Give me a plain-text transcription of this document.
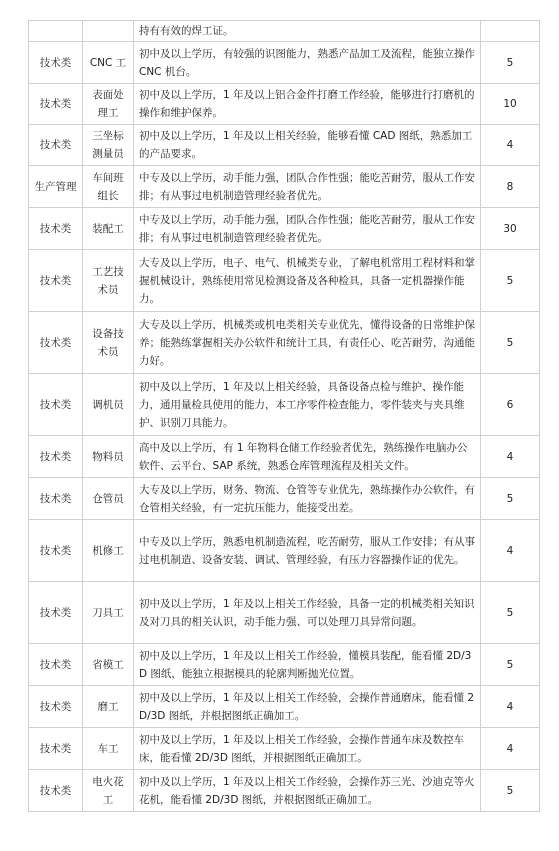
		持有有效的焊工证。	
技术类	CNC 工	初中及以上学历，有较强的识图能力，熟悉产品加工及流程，能独立操作 CNC 机台。	5
技术类	表面处理工	初中及以上学历，1 年及以上铝合金件打磨工作经验，能够进行打磨机的操作和维护保养。	10
技术类	三坐标测量员	初中及以上学历，1 年及以上相关经验，能够看懂 CAD 图纸，熟悉加工的产品要求。	4
生产管理	车间班组长	中专及以上学历，动手能力强，团队合作性强；能吃苦耐劳，服从工作安排；有从事过电机制造管理经验者优先。	8
技术类	装配工	中专及以上学历，动手能力强，团队合作性强；能吃苦耐劳，服从工作安排；有从事过电机制造管理经验者优先。	30
技术类	工艺技术员	大专及以上学历，电子、电气、机械类专业，了解电机常用工程材料和掌握机械设计，熟练使用常见检测设备及各种检具，具备一定机器操作能力。	5
技术类	设备技术员	大专及以上学历，机械类或机电类相关专业优先，懂得设备的日常维护保养；能熟练掌握相关办公软件和统计工具，有责任心、吃苦耐劳，沟通能力好。	5
技术类	调机员	初中及以上学历，1 年及以上相关经验，具备设备点检与维护、操作能力，通用量检具使用的能力，本工序零件检查能力，零件装夹与夹具维护、识别刀具能力。	6
技术类	物料员	高中及以上学历，有 1 年物料仓储工作经验者优先，熟练操作电脑办公软件、云平台、SAP 系统，熟悉仓库管理流程及相关文件。	4
技术类	仓管员	大专及以上学历，财务、物流、仓管等专业优先，熟练操作办公软件，有仓管相关经验，有一定抗压能力，能接受出差。	5
技术类	机修工	中专及以上学历，熟悉电机制造流程，吃苦耐劳，服从工作安排；有从事过电机制造、设备安装、调试、管理经验，有压力容器操作证的优先。	4
技术类	刀具工	初中及以上学历，1 年及以上相关工作经验，具备一定的机械类相关知识及对刀具的相关认识，动手能力强、可以处理刀具异常问题。	5
技术类	省模工	初中及以上学历，1 年及以上相关工作经验，懂模具装配，能看懂 2D/3D 图纸，能独立根据模具的轮廓判断抛光位置。	5
技术类	磨工	初中及以上学历，1 年及以上相关工作经验，会操作普通磨床，能看懂 2D/3D 图纸，并根据图纸正确加工。	4
技术类	车工	初中及以上学历，1 年及以上相关工作经验，会操作普通车床及数控车床，能看懂 2D/3D 图纸，并根据图纸正确加工。	4
技术类	电火花工	初中及以上学历，1 年及以上相关工作经验，会操作苏三光、沙迪克等火花机，能看懂 2D/3D 图纸，并根据图纸正确加工。	5
